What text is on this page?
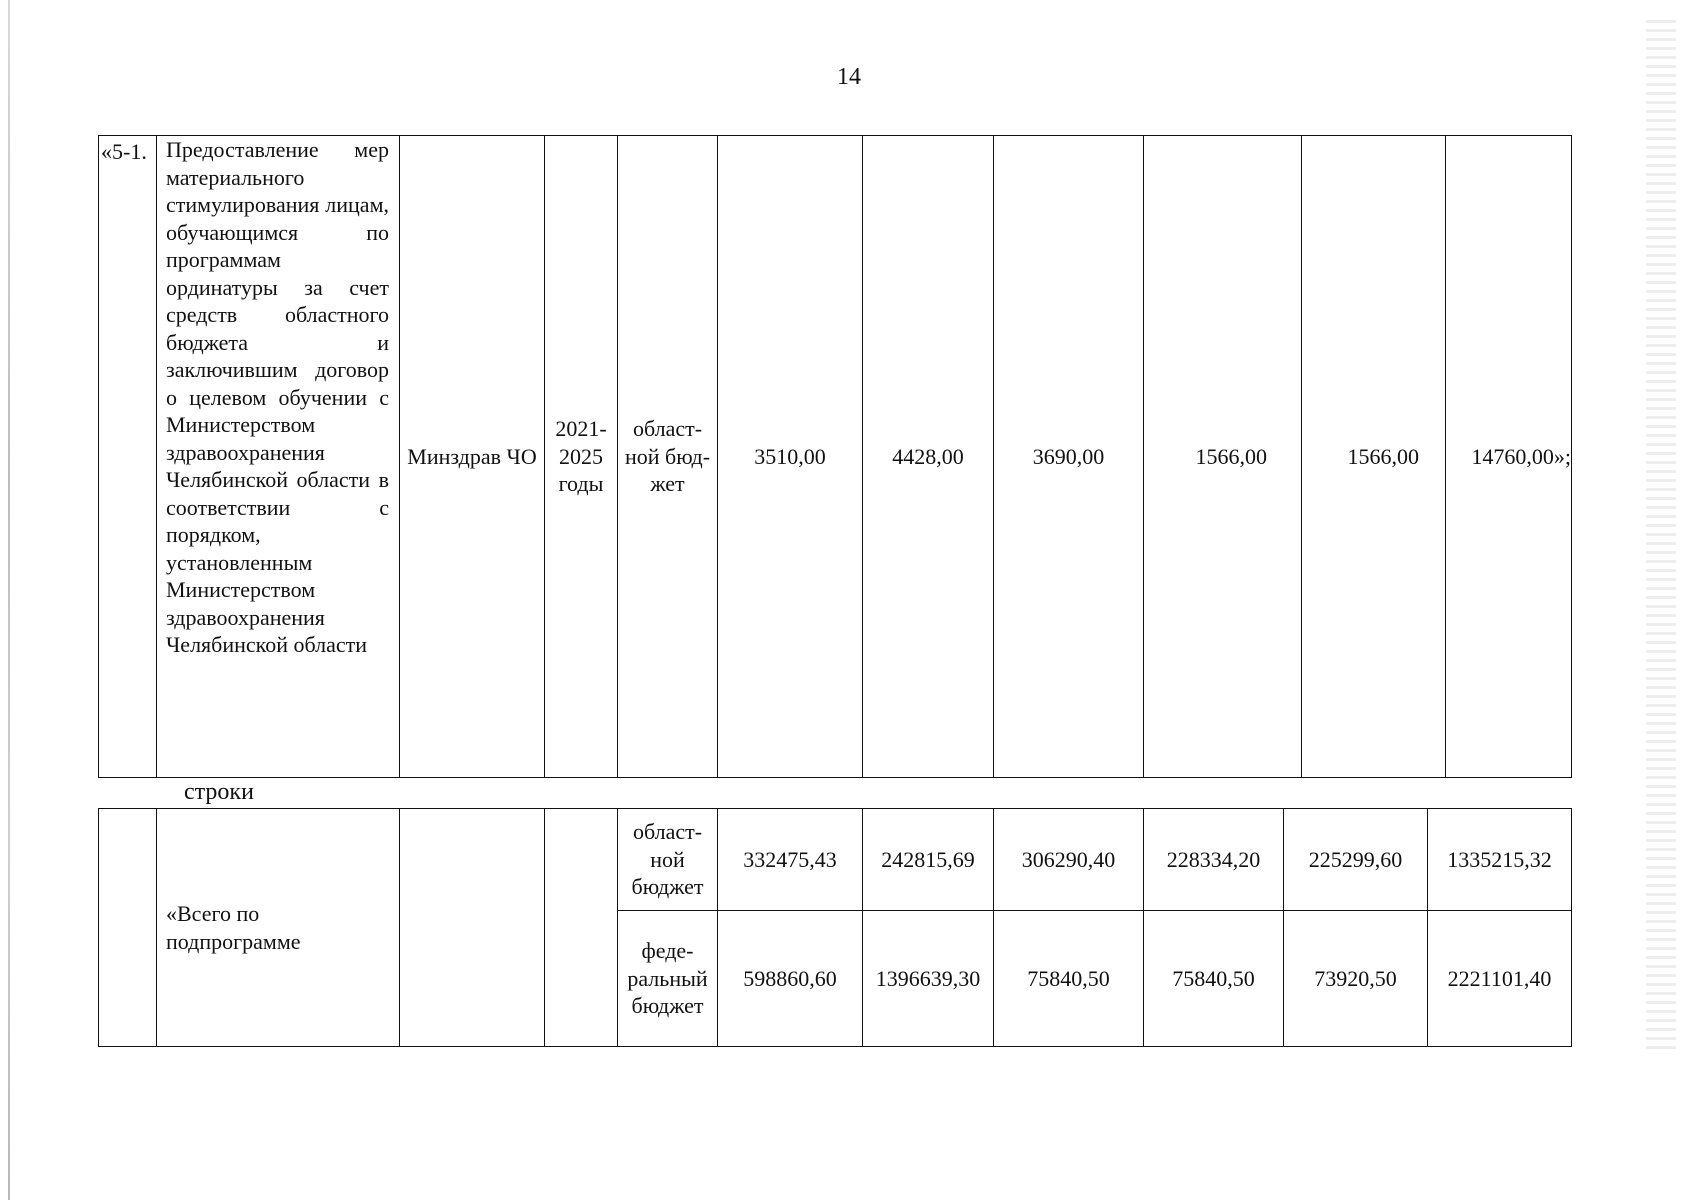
14
«5-1.	Предоставление мер материального стимулирования лицам, обучающимся по программам ординатуры за счет средств областного бюджета и заключившим договор о целевом обучении с Министерством здравоохранения Челябинской области в соответствии с порядком, установленным Министерством здравоохранения Челябинской области	Минздрав ЧО	2021-2025 годы	област-ной бюд-жет	3510,00	4428,00	3690,00	1566,00	1566,00	14760,00»;
строки
	«Всего по подпрограмме			област-ной бюджет	332475,43	242815,69	306290,40	228334,20	225299,60	1335215,32
				феде-ральный бюджет	598860,60	1396639,30	75840,50	75840,50	73920,50	2221101,40
